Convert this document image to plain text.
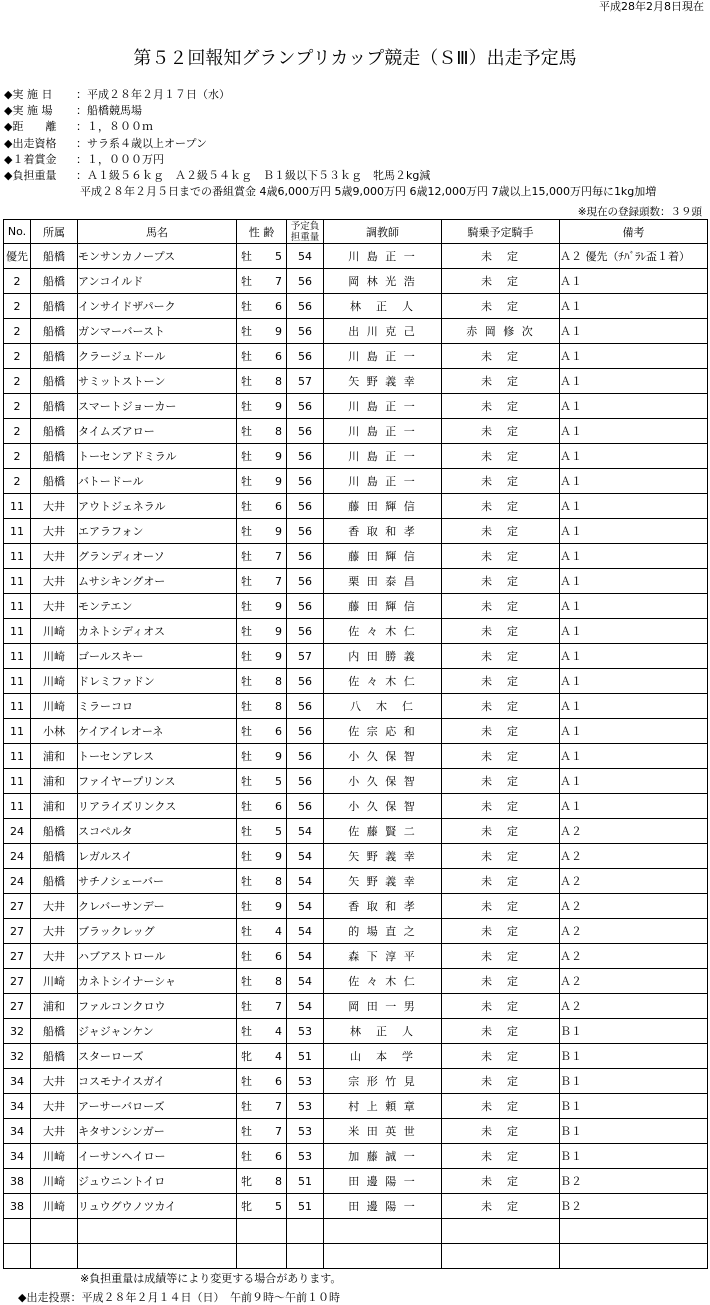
平成28年2月8日現在
第５２回報知グランプリカップ競走（ＳⅢ）出走予定馬
◆実 施 日	：平成２８年２月１７日（水）
◆実 施 場	：船橋競馬場
◆距　　離	：１，８００ｍ
◆出走資格	：サラ系４歳以上オープン
◆１着賞金	：１，０００万円
◆負担重量	：Ａ１級５６ｋｇ　Ａ２級５４ｋｇ　Ｂ１級以下５３ｋｇ　牝馬２kg減
平成２８年２月５日までの番組賞金 4歳6,000万円 5歳9,000万円 6歳12,000万円 7歳以上15,000万円毎に1kg加増
※現在の登録頭数：３９頭
No.	所属	馬名	性 齢	予定負担重量	調教師	騎乗予定騎手	備考
優先	船橋	モンサンカノープス	牡 5	54	川 島 正 一	未　定	Ａ２ 優先（ﾁﾊﾞﾗﾚ盃１着）
2	船橋	アンコイルド	牡 7	56	岡 林 光 浩	未　定	Ａ１
2	船橋	インサイドザパーク	牡 6	56	林　正　人	未　定	Ａ１
2	船橋	ガンマーバースト	牡 9	56	出 川 克 己	赤 岡 修 次	Ａ１
2	船橋	クラージュドール	牡 6	56	川 島 正 一	未　定	Ａ１
2	船橋	サミットストーン	牡 8	57	矢 野 義 幸	未　定	Ａ１
2	船橋	スマートジョーカー	牡 9	56	川 島 正 一	未　定	Ａ１
2	船橋	タイムズアロー	牡 8	56	川 島 正 一	未　定	Ａ１
2	船橋	トーセンアドミラル	牡 9	56	川 島 正 一	未　定	Ａ１
2	船橋	バトードール	牡 9	56	川 島 正 一	未　定	Ａ１
11	大井	アウトジェネラル	牡 6	56	藤 田 輝 信	未　定	Ａ１
11	大井	エアラフォン	牡 9	56	香 取 和 孝	未　定	Ａ１
11	大井	グランディオーソ	牡 7	56	藤 田 輝 信	未　定	Ａ１
11	大井	ムサシキングオー	牡 7	56	栗 田 泰 昌	未　定	Ａ１
11	大井	モンテエン	牡 9	56	藤 田 輝 信	未　定	Ａ１
11	川崎	カネトシディオス	牡 9	56	佐 々 木 仁	未　定	Ａ１
11	川崎	ゴールスキー	牡 9	57	内 田 勝 義	未　定	Ａ１
11	川崎	ドレミファドン	牡 8	56	佐 々 木 仁	未　定	Ａ１
11	川崎	ミラーコロ	牡 8	56	八　木　仁	未　定	Ａ１
11	小林	ケイアイレオーネ	牡 6	56	佐 宗 応 和	未　定	Ａ１
11	浦和	トーセンアレス	牡 9	56	小 久 保 智	未　定	Ａ１
11	浦和	ファイヤープリンス	牡 5	56	小 久 保 智	未　定	Ａ１
11	浦和	リアライズリンクス	牡 6	56	小 久 保 智	未　定	Ａ１
24	船橋	スコペルタ	牡 5	54	佐 藤 賢 二	未　定	Ａ２
24	船橋	レガルスイ	牡 9	54	矢 野 義 幸	未　定	Ａ２
24	船橋	サチノシェーバー	牡 8	54	矢 野 義 幸	未　定	Ａ２
27	大井	クレバーサンデー	牡 9	54	香 取 和 孝	未　定	Ａ２
27	大井	ブラックレッグ	牡 4	54	的 場 直 之	未　定	Ａ２
27	大井	ハブアストロール	牡 6	54	森 下 淳 平	未　定	Ａ２
27	川崎	カネトシイナーシャ	牡 8	54	佐 々 木 仁	未　定	Ａ２
27	浦和	ファルコンクロウ	牡 7	54	岡 田 一 男	未　定	Ａ２
32	船橋	ジャジャンケン	牡 4	53	林　正　人	未　定	Ｂ１
32	船橋	スターローズ	牝 4	51	山　本　学	未　定	Ｂ１
34	大井	コスモナイスガイ	牡 6	53	宗 形 竹 見	未　定	Ｂ１
34	大井	アーサーバローズ	牡 7	53	村 上 頼 章	未　定	Ｂ１
34	大井	キタサンシンガー	牡 7	53	米 田 英 世	未　定	Ｂ１
34	川崎	イーサンヘイロー	牡 6	53	加 藤 誠 一	未　定	Ｂ１
38	川崎	ジュウニントイロ	牝 8	51	田 邊 陽 一	未　定	Ｂ２
38	川崎	リュウグウノツカイ	牝 5	51	田 邊 陽 一	未　定	Ｂ２

※負担重量は成績等により変更する場合があります。
◆出走投票：平成２８年２月１４日（日）　午前９時〜午前１０時
